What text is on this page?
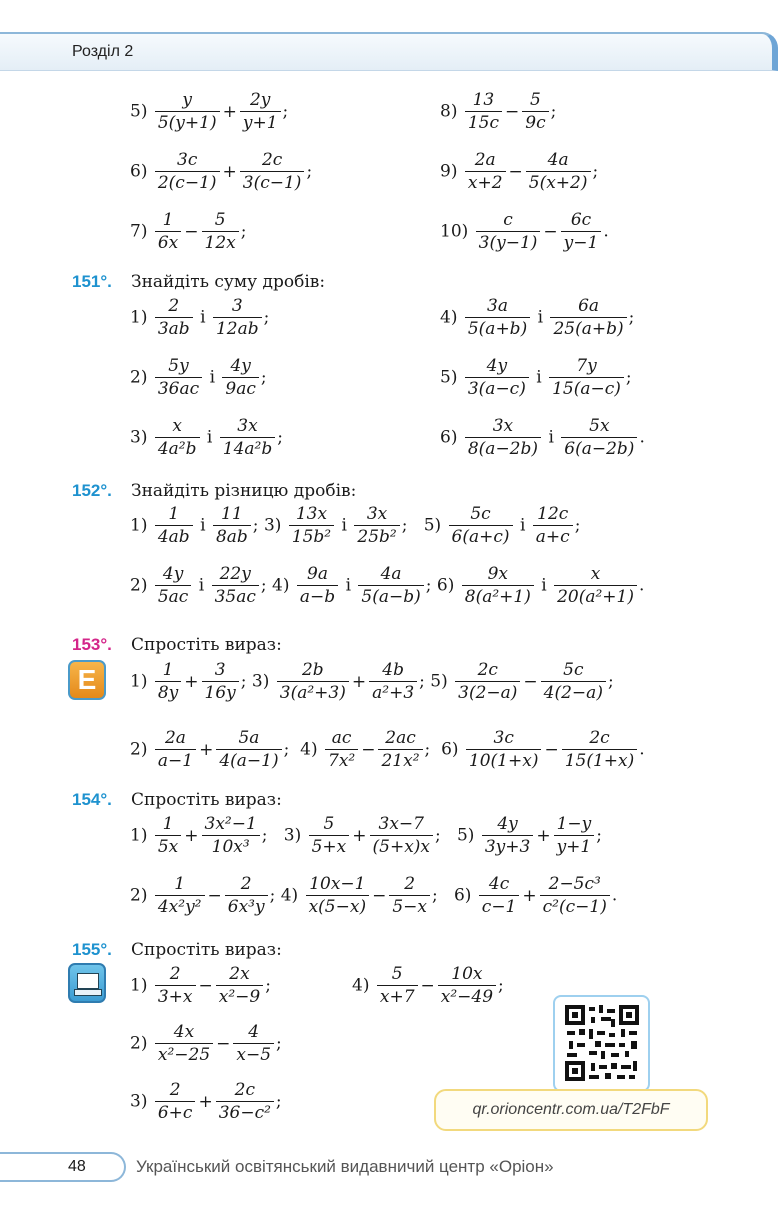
Розділ 2
$5) \frac{y}{5(y+1)} + \frac{2y}{y+1}$ ;	$8) \frac{13}{15c} - \frac{5}{9c}$ ;
$6) \frac{3c}{2(c-1)} + \frac{2c}{3(c-1)}$ ;	$9) \frac{2a}{x+2} - \frac{4a}{5(x+2)}$ ;
$7) \frac{1}{6x} - \frac{5}{12x}$ ;	$10) \frac{c}{3(y-1)} - \frac{6c}{y-1}$ .
151°. Знайдіть суму дробів:
$1) \frac{2}{3ab}$ і $\frac{3}{12ab}$ ;	$4) \frac{3a}{5(a+b)}$ і $\frac{6a}{25(a+b)}$ ;
$2) \frac{5y}{36ac}$ і $\frac{4y}{9ac}$ ;	$5) \frac{4y}{3(a-c)}$ і $\frac{7y}{15(a-c)}$ ;
$3) \frac{x}{\text{4a²b}}$ і $\frac{3x}{\text{14a²b}}$ ;	$6) \frac{3x}{8(a-2b)}$ і $\frac{5x}{6(a-2b)}$ .
152°. Знайдіть різницю дробів:
$1) \frac{1}{4ab}$ і $\frac{11}{8ab}$ ; $3) \frac{13x}{\text{15b²}}$ і $\frac{3x}{\text{25b²}}$ ; $5) \frac{5c}{6(a+c)}$ і $\frac{12c}{a+c}$ ;
$2) \frac{4y}{5ac}$ і $\frac{22y}{35ac}$ ; $4) \frac{9a}{a-b}$ і $\frac{4a}{5(a-b)}$ ; $6) \frac{9x}{\text{8(a²+1)}}$ і $\frac{x}{\text{20(a²+1)}}$ .
153°. Спростіть вираз:
E	$1) \frac{1}{8y} + \frac{3}{16y}$ ; $3) \frac{2b}{\text{3(a²+3)}} + \frac{4b}{\text{a²+3}}$ ; $5) \frac{2c}{3(2-a)} - \frac{5c}{4(2-a)}$ ;
$2) \frac{2a}{a-1} + \frac{5a}{4(a-1)}$ ; $4) \frac{ac}{\text{7x²}} - \frac{2ac}{\text{21x²}}$ ; $6) \frac{3c}{10(1+x)} - \frac{2c}{15(1+x)}$ .
154°. Спростіть вираз:
$1) \frac{1}{5x} + \frac{\text{3x²−1}}{\text{10x³}}$ ; $3) \frac{5}{5+x} + \frac{3x-7}{(5+x)x}$ ; $5) \frac{4y}{3y+3} + \frac{1-y}{y+1}$ ;
$2) \frac{1}{\text{4x²y²}} - \frac{2}{\text{6x³y}}$ ; $4) \frac{10x-1}{x(5-x)} - \frac{2}{5-x}$ ; $6) \frac{4c}{c-1} + \frac{\text{2−5c³}}{\text{c²(c−1)}}$ .
155°. Спростіть вираз:
$1) \frac{2}{3+x} - \frac{2x}{\text{x²−9}}$ ;	$4) \frac{5}{x+7} - \frac{10x}{\text{x²−49}}$ ;
$2) \frac{4x}{\text{x²−25}} - \frac{4}{x-5}$ ;
$3) \frac{2}{6+c} + \frac{2c}{\text{36−c²}}$ ;	qr.orioncentr.com.ua/T2FbF
48	Український освітянський видавничий центр «Оріон»
